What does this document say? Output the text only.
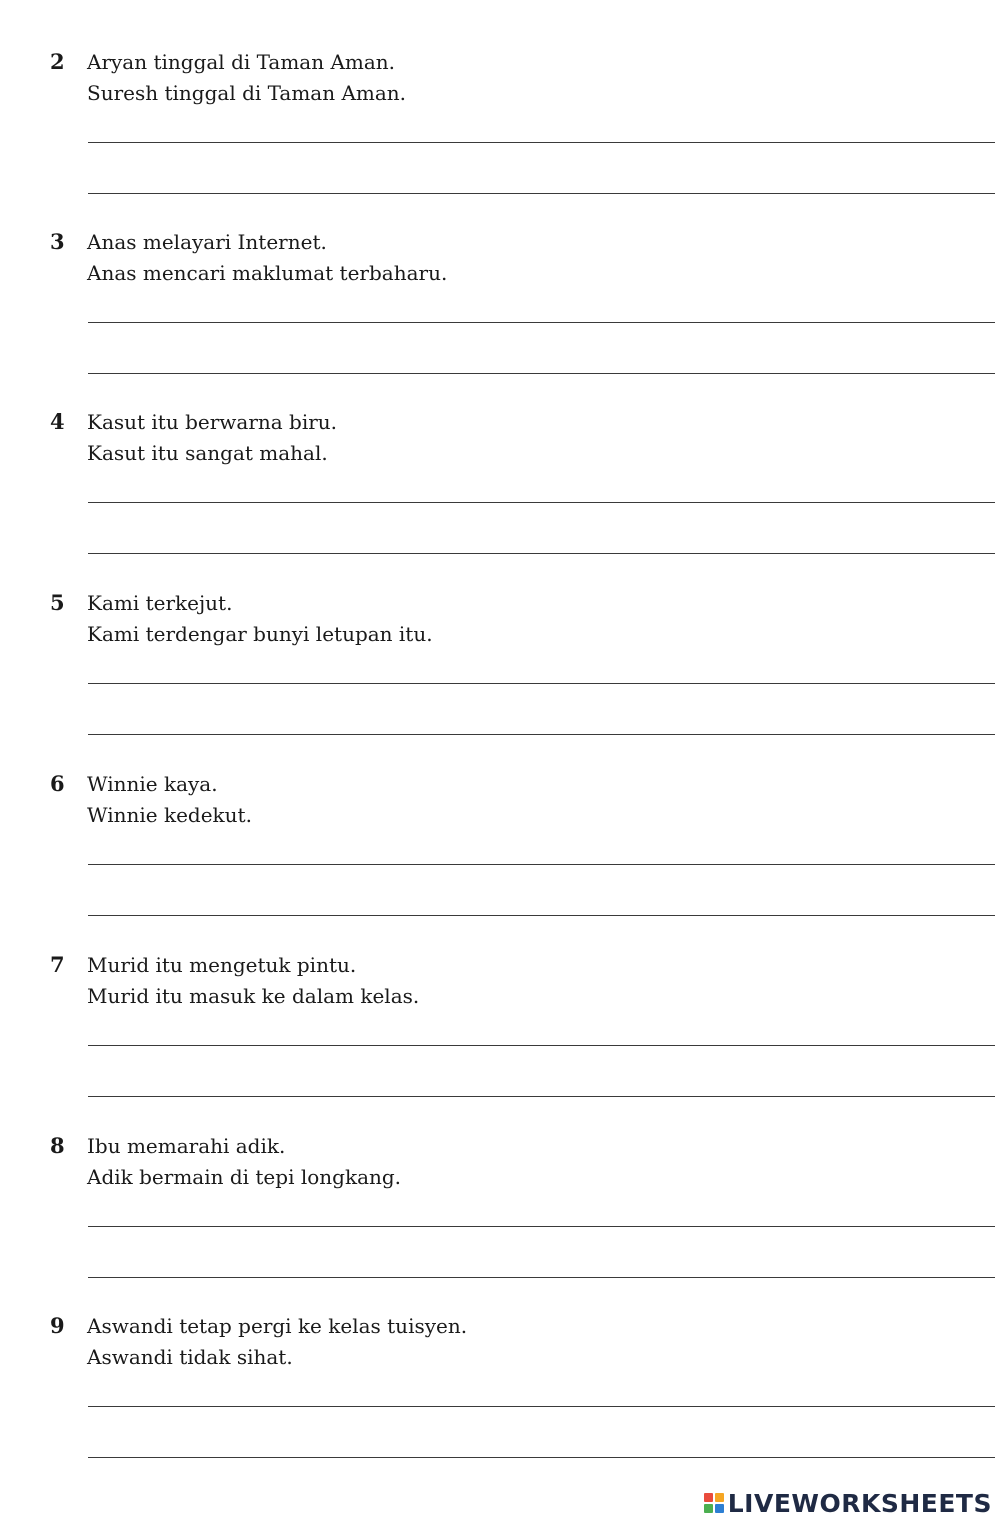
2	Aryan tinggal di Taman Aman.
Suresh tinggal di Taman Aman.
3	Anas melayari Internet.
Anas mencari maklumat terbaharu.
4	Kasut itu berwarna biru.
Kasut itu sangat mahal.
5	Kami terkejut.
Kami terdengar bunyi letupan itu.
6	Winnie kaya.
Winnie kedekut.
7	Murid itu mengetuk pintu.
Murid itu masuk ke dalam kelas.
8	Ibu memarahi adik.
Adik bermain di tepi longkang.
9	Aswandi tetap pergi ke kelas tuisyen.
Aswandi tidak sihat.
LIVEWORKSHEETS
